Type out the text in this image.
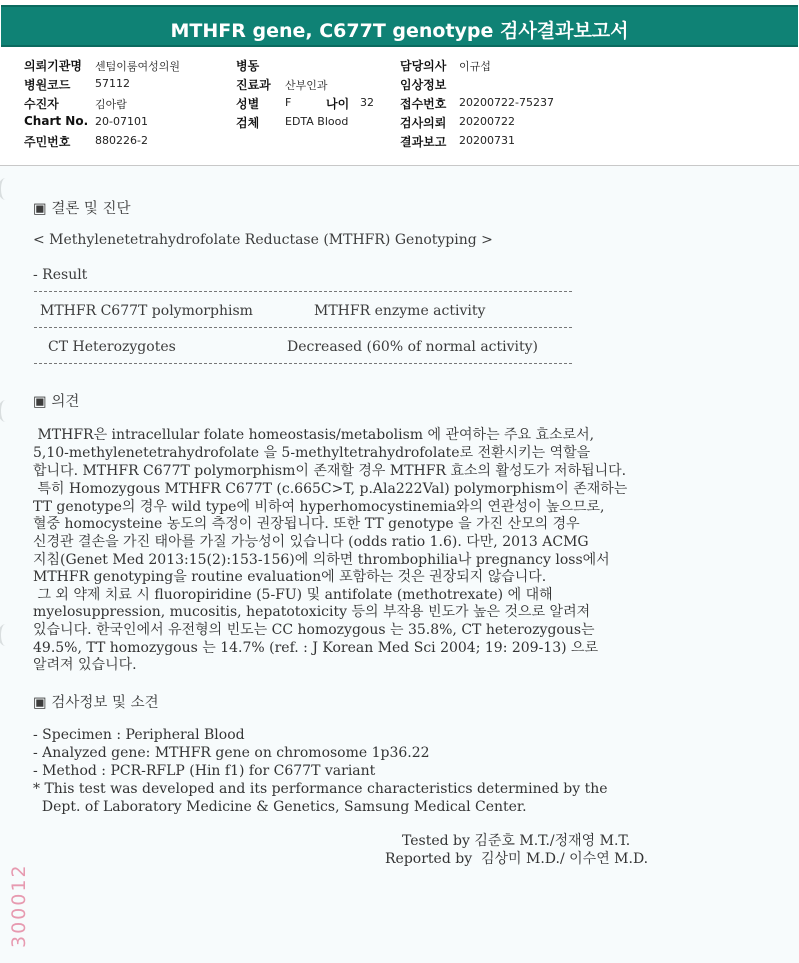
MTHFR gene, C677T genotype 검사결과보고서
의뢰기관명 센텀이룸여성의원
병원코드 57112
수진자	김아람
Chart No. 20-07101
주민번호 880226-2
병동
진료과 산부인과
성별 F	나이 32
검체 EDTA Blood
담당의사 이규섭
임상정보
접수번호 20200722-75237
검사의뢰 20200722
결과보고 20200731
▣ 결론 및 진단
< Methylenetetrahydrofolate Reductase (MTHFR) Genotyping >
- Result
MTHFR C677T polymorphism	MTHFR enzyme activity
CT Heterozygotes	Decreased (60% of normal activity)
▣ 의견
MTHFR은 intracellular folate homeostasis/metabolism 에 관여하는 주요 효소로서,
5,10-methylenetetrahydrofolate 을 5-methyltetrahydrofolate로 전환시키는 역할을
합니다. MTHFR C677T polymorphism이 존재할 경우 MTHFR 효소의 활성도가 저하됩니다.
특히 Homozygous MTHFR C677T (c.665C>T, p.Ala222Val) polymorphism이 존재하는
TT genotype의 경우 wild type에 비하여 hyperhomocystinemia와의 연관성이 높으므로,
혈중 homocysteine 농도의 측정이 권장됩니다. 또한 TT genotype 을 가진 산모의 경우
신경관 결손을 가진 태아를 가질 가능성이 있습니다 (odds ratio 1.6). 다만, 2013 ACMG
지침(Genet Med 2013:15(2):153-156)에 의하면 thrombophilia나 pregnancy loss에서
MTHFR genotyping을 routine evaluation에 포함하는 것은 권장되지 않습니다.
그 외 약제 치료 시 fluoropiridine (5-FU) 및 antifolate (methotrexate) 에 대해
myelosuppression, mucositis, hepatotoxicity 등의 부작용 빈도가 높은 것으로 알려져
있습니다. 한국인에서 유전형의 빈도는 CC homozygous 는 35.8%, CT heterozygous는
49.5%, TT homozygous 는 14.7% (ref. : J Korean Med Sci 2004; 19: 209-13) 으로
알려져 있습니다.
▣ 검사정보 및 소견
- Specimen : Peripheral Blood
- Analyzed gene: MTHFR gene on chromosome 1p36.22
- Method : PCR-RFLP (Hin f1) for C677T variant
* This test was developed and its performance characteristics determined by the
Dept. of Laboratory Medicine & Genetics, Samsung Medical Center.
Tested by 김준호 M.T./정재영 M.T.
Reported by  김상미 M.D./ 이수연 M.D.
300012
